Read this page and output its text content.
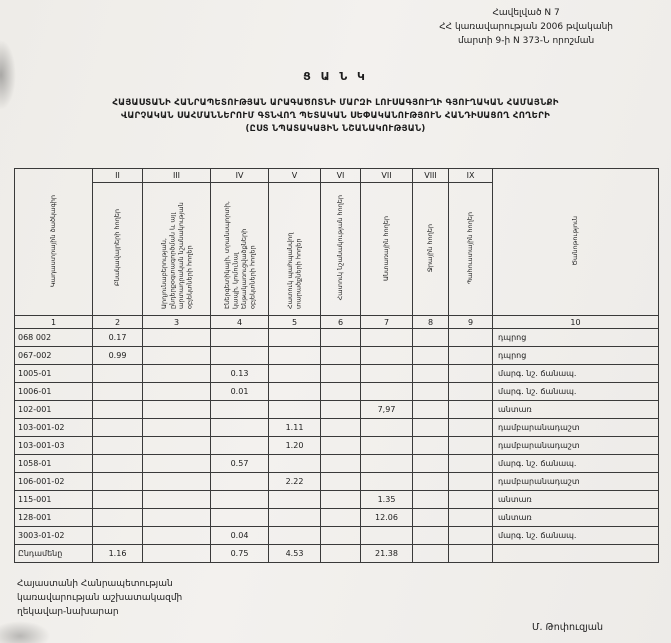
Հավելված N 7
ՀՀ կառավարության 2006 թվականի
մարտի 9-ի N 373-Ն որոշման
Ց Ա Ն Կ
ՀԱՅԱՍՏԱՆԻ ՀԱՆՐԱՊԵՏՈՒԹՅԱՆ ԱՐԱԳԱԾՈՏՆԻ ՄԱՐԶԻ ԼՈՒՍԱԳՅՈՒՂԻ ԳՅՈՒՂԱԿԱՆ ՀԱՄԱՅՆՔԻ
ՎԱՐՉԱԿԱՆ ՍԱՀՄԱՆՆԵՐՈՒՄ ԳՏՆՎՈՂ ՊԵՏԱԿԱՆ ՍԵՓԱԿԱՆՈՒԹՅՈՒՆ ՀԱՆԴԻՍԱՑՈՂ ՀՈՂԵՐԻ
(ԸՍՏ ՆՊԱՏԱԿԱՅԻՆ ՆՇԱՆԱԿՈՒԹՅԱՆ)
Կադաստրային ծածկագիր	II	III	IV	V	VI	VII	VIII	IX	Ծանոթություն
	Բնակավայրերի հողեր	Արդյունաբերության, ընդերքօգտագործման և այլ արտադրական նշանակության օբյեկտների հողեր	Էներգետիկայի, տրանսպորտի, կապի, կոմունալ ենթակառուցվածքների օբյեկտների հողեր	Հատուկ պահպանվող տարածքների հողեր	Հատուկ նշանակության հողեր	Անտառային հողեր	Ջրային հողեր	Պահուստային հողեր	
1	2	3	4	5	6	7	8	9	10
068 002	0.17								դպրոց
067-002	0.99								դպրոց
1005-01			0.13						մարգ. նշ. ճանապ.
1006-01			0.01						մարգ. նշ. ճանապ.
102-001						7,97			անտառ
103-001-02				1.11					դամբարանադաշտ
103-001-03				1.20					դամբարանադաշտ
1058-01			0.57						մարգ. նշ. ճանապ.
106-001-02				2.22					դամբարանադաշտ
115-001						1.35			անտառ
128-001						12.06			անտառ
3003-01-02			0.04						մարգ. նշ. ճանապ.
Ընդամենը	1.16		0.75	4.53		21.38			
Հայաստանի Հանրապետության
կառավարության աշխատակազմի
ղեկավար-նախարար
Մ. Թոփուզյան
